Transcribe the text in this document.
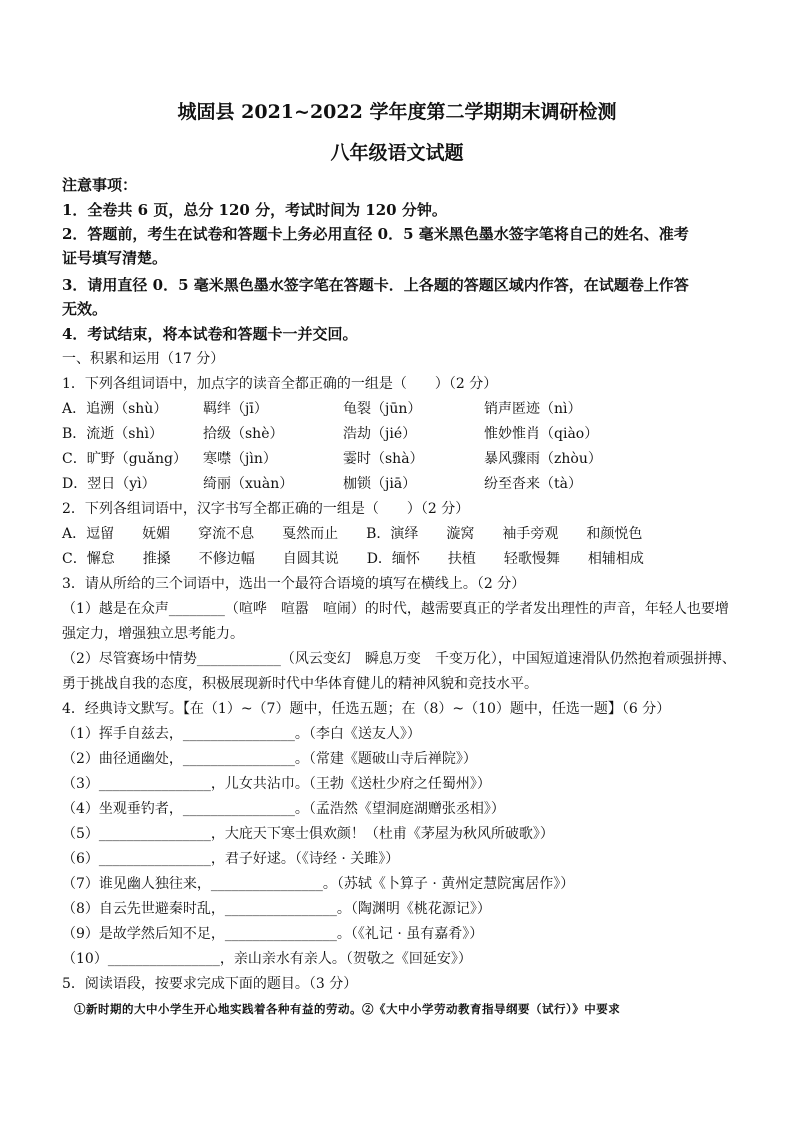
城固县 2021~2022 学年度第二学期期末调研检测
八年级语文试题
注意事项：
1．全卷共 6 页，总分 120 分，考试时间为 120 分钟。
2．答题前，考生在试卷和答题卡上务必用直径 0．5 毫米黑色墨水签字笔将自己的姓名、准考
证号填写清楚。
3．请用直径 0．5 毫米黑色墨水签字笔在答题卡．上各题的答题区域内作答，在试题卷上作答
无效。
4．考试结束，将本试卷和答题卡一并交回。
一、积累和运用（17 分）
1．下列各组词语中，加点字的读音全都正确的一组是（　　）（2 分）
A．追溯（shù）	羁绊（jī）	龟裂（jūn）	销声匿迹（nì）
B．流逝（shì）	拾级（shè）	浩劫（jié）	惟妙惟肖（qiào）
C．旷野（guǎng） 寒噤（jìn）	霎时（shà）	暴风骤雨（zhòu）
D．翌日（yì）	绮丽（xuàn）	枷锁（jiā）	纷至沓来（tà）
2．下列各组词语中，汉字书写全都正确的一组是（　　）（2 分）
A．逗留　　妩媚　　穿流不息　　戛然而止　　B．演绎　　漩窝　　袖手旁观　　和颜悦色
C．懈怠　　推搡　　不修边幅　　自圆其说　　D．缅怀　　扶植　　轻歌慢舞　　相辅相成
3．请从所给的三个词语中，选出一个最符合语境的填写在横线上。（2 分）
（1）越是在众声________（喧哗　喧嚣　喧闹）的时代，越需要真正的学者发出理性的声音，年轻人也要增
强定力，增强独立思考能力。
（2）尽管赛场中情势____________（风云变幻　瞬息万变　千变万化），中国短道速滑队仍然抱着顽强拼搏、
勇于挑战自我的态度，积极展现新时代中华体育健儿的精神风貌和竞技水平。
4．经典诗文默写。【在（1）~（7）题中，任选五题；在（8）~（10）题中，任选一题】（6 分）
（1）挥手自兹去，________________。（李白《送友人》）
（2）曲径通幽处，________________。（常建《题破山寺后禅院》）
（3）________________，儿女共沾巾。（王勃《送杜少府之任蜀州》）
（4）坐观垂钓者，________________。（孟浩然《望洞庭湖赠张丞相》）
（5）________________，大庇天下寒士俱欢颜！（杜甫《茅屋为秋风所破歌》）
（6）________________，君子好逑。（《诗经 · 关雎》）
（7）谁见幽人独往来，________________。（苏轼《卜算子 · 黄州定慧院寓居作》）
（8）自云先世避秦时乱，________________。（陶渊明《桃花源记》）
（9）是故学然后知不足，________________。（《礼记 · 虽有嘉肴》）
（10）________________，亲山亲水有亲人。（贺敬之《回延安》）
5．阅读语段，按要求完成下面的题目。（3 分）
①新时期的大中小学生开心地实践着各种有益的劳动。②《大中小学劳动教育指导纲要（试行）》中要求
